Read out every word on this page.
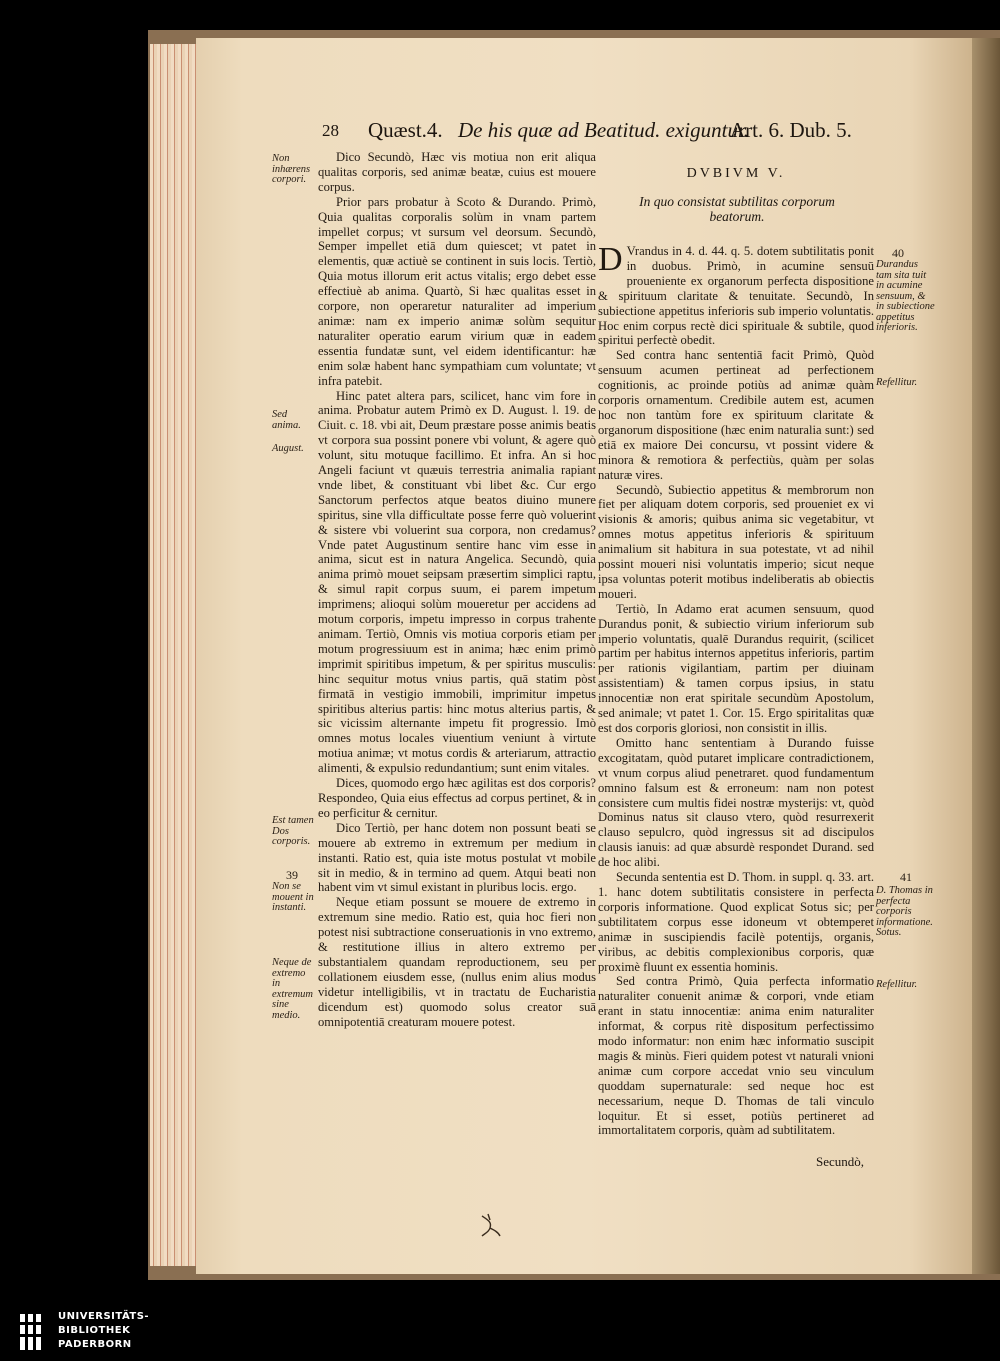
28 Quæst.4. De his quæ ad Beatitud. exiguntur.
Art. 6. Dub. 5.

Dico Secundò, Hæc vis motiua non erit aliqua qualitas corporis, sed animæ beatæ, cuius est mouere corpus.

Prior pars probatur à Scoto & Durando. Primò, Quia qualitas corporalis solùm in vnam partem impellet corpus; vt sursum vel deorsum. Secundò, Semper impellet etiā dum quiescet; vt patet in elementis, quæ actiuè se continent in suis locis. Tertiò, Quia motus illorum erit actus vitalis; ergo debet esse effectiuè ab anima. Quartò, Si hæc qualitas esset in corpore, non operaretur naturaliter ad imperium animæ: nam ex imperio animæ solùm sequitur naturaliter operatio earum virium quæ in eadem essentia fundatæ sunt, vel eidem identificantur: hæ enim solæ habent hanc sympathiam cum voluntate; vt infra patebit.

Hinc patet altera pars, scilicet, hanc vim fore in anima. Probatur autem Primò ex D. August. l. 19. de Ciuit. c. 18. vbi ait, Deum præstare posse animis beatis vt corpora sua possint ponere vbi volunt, & agere quò volunt, situ motuque facillimo. Et infra. An si hoc Angeli faciunt vt quæuis terrestria animalia rapiant vnde libet, & constituant vbi libet &c. Cur ergo Sanctorum perfectos atque beatos diuino munere spiritus, sine vlla difficultate posse ferre quò voluerint & sistere vbi voluerint sua corpora, non credamus? Vnde patet Augustinum sentire hanc vim esse in anima, sicut est in natura Angelica. Secundò, quia anima primò mouet seipsam præsertim simplici raptu, & simul rapit corpus suum, ei parem impetum imprimens; alioqui solùm moueretur per accidens ad motum corporis, impetu impresso in corpus trahente animam. Tertiò, Omnis vis motiua corporis etiam per motum progressiuum est in anima; hæc enim primò imprimit spiritibus impetum, & per spiritus musculis: hinc sequitur motus vnius partis, quā statim pòst firmatā in vestigio immobili, imprimitur impetus spiritibus alterius partis: hinc motus alterius partis, & sic vicissim alternante impetu fit progressio. Imò omnes motus locales viuentium veniunt à virtute motiua animæ; vt motus cordis & arteriarum, attractio alimenti, & expulsio redundantium; sunt enim vitales.

Dices, quomodo ergo hæc agilitas est dos corporis? Respondeo, Quia eius effectus ad corpus pertinet, & in eo perficitur & cernitur.

Dico Tertiò, per hanc dotem non possunt beati se mouere ab extremo in extremum per medium in instanti. Ratio est, quia iste motus postulat vt mobile sit in medio, & in termino ad quem. Atqui beati non habent vim vt simul existant in pluribus locis. ergo.

Neque etiam possunt se mouere de extremo in extremum sine medio. Ratio est, quia hoc fieri non potest nisi subtractione conseruationis in vno extremo, & restitutione illius in altero extremo per substantialem quandam reproductionem, seu per collationem eiusdem esse, (nullus enim alius modus videtur intelligibilis, vt in tractatu de Eucharistia dicendum est) quomodo solus creator suā omnipotentiā creaturam mouere potest.

Non inhærens corpori.
Sed anima.
August.
Est tamen Dos corporis.
39
Non se mouent in instanti.
Neque de extremo in extremum sine medio.
DVBIVM V.
In quo consistat subtilitas corporum beatorum.

D Vrandus in 4. d. 44. q. 5. dotem subtilitatis ponit in duobus. Primò, in acumine sensuū proueniente ex organorum perfecta dispositione & spirituum claritate & tenuitate. Secundò, In subiectione appetitus inferioris sub imperio voluntatis. Hoc enim corpus rectè dici spirituale & subtile, quod spiritui perfectè obedit.

Sed contra hanc sententiā facit Primò, Quòd sensuum acumen pertineat ad perfectionem cognitionis, ac proinde potiùs ad animæ quàm corporis ornamentum. Credibile autem est, acumen hoc non tantùm fore ex spirituum claritate & organorum dispositione (hæc enim naturalia sunt:) sed etiā ex maiore Dei concursu, vt possint videre & minora & remotiora & perfectiùs, quàm per solas naturæ vires.

Secundò, Subiectio appetitus & membrorum non fiet per aliquam dotem corporis, sed proueniet ex vi visionis & amoris; quibus anima sic vegetabitur, vt omnes motus appetitus inferioris & spirituum animalium sit habitura in sua potestate, vt ad nihil possint moueri nisi voluntatis imperio; sicut neque ipsa voluntas poterit motibus indeliberatis ab obiectis moueri.

Tertiò, In Adamo erat acumen sensuum, quod Durandus ponit, & subiectio virium inferiorum sub imperio voluntatis, qualē Durandus requirit, (scilicet partim per habitus internos appetitus inferioris, partim per rationis vigilantiam, partim per diuinam assistentiam) & tamen corpus ipsius, in statu innocentiæ non erat spiritale secundùm Apostolum, sed animale; vt patet 1. Cor. 15. Ergo spiritalitas quæ est dos corporis gloriosi, non consistit in illis.

Omitto hanc sententiam à Durando fuisse excogitatam, quòd putaret implicare contradictionem, vt vnum corpus aliud penetraret. quod fundamentum omnino falsum est & erroneum: nam non potest consistere cum multis fidei nostræ mysterijs: vt, quòd Dominus natus sit clauso vtero, quòd resurrexerit clauso sepulcro, quòd ingressus sit ad discipulos clausis ianuis: ad quæ absurdè respondet Durand. sed de hoc alibi.

Secunda sententia est D. Thom. in suppl. q. 33. art. 1. hanc dotem subtilitatis consistere in perfecta corporis informatione. Quod explicat Sotus sic; per subtilitatem corpus esse idoneum vt obtemperet animæ in suscipiendis facilè potentijs, organis, viribus, ac debitis complexionibus corporis, quæ proximè fluunt ex essentia hominis.

Sed contra Primò, Quia perfecta informatio naturaliter conuenit animæ & corpori, vnde etiam erant in statu innocentiæ: anima enim naturaliter informat, & corpus ritè dispositum perfectissimo modo informatur: non enim hæc informatio suscipit magis & minùs. Fieri quidem potest vt naturali vnioni animæ cum corpore accedat vnio seu vinculum quoddam supernaturale: sed neque hoc est necessarium, neque D. Thomas de tali vinculo loquitur. Et si esset, potiùs pertineret ad immortalitatem corporis, quàm ad subtilitatem.

40
Durandus tam sita tuit in acumine sensuum, & in subiectione appetitus inferioris.
Refellitur.
41
D. Thomas in perfecta corporis informatione. Sotus.
Refellitur.
Secundò,
UNIVERSITÄTS-
BIBLIOTHEK
PADERBORN
